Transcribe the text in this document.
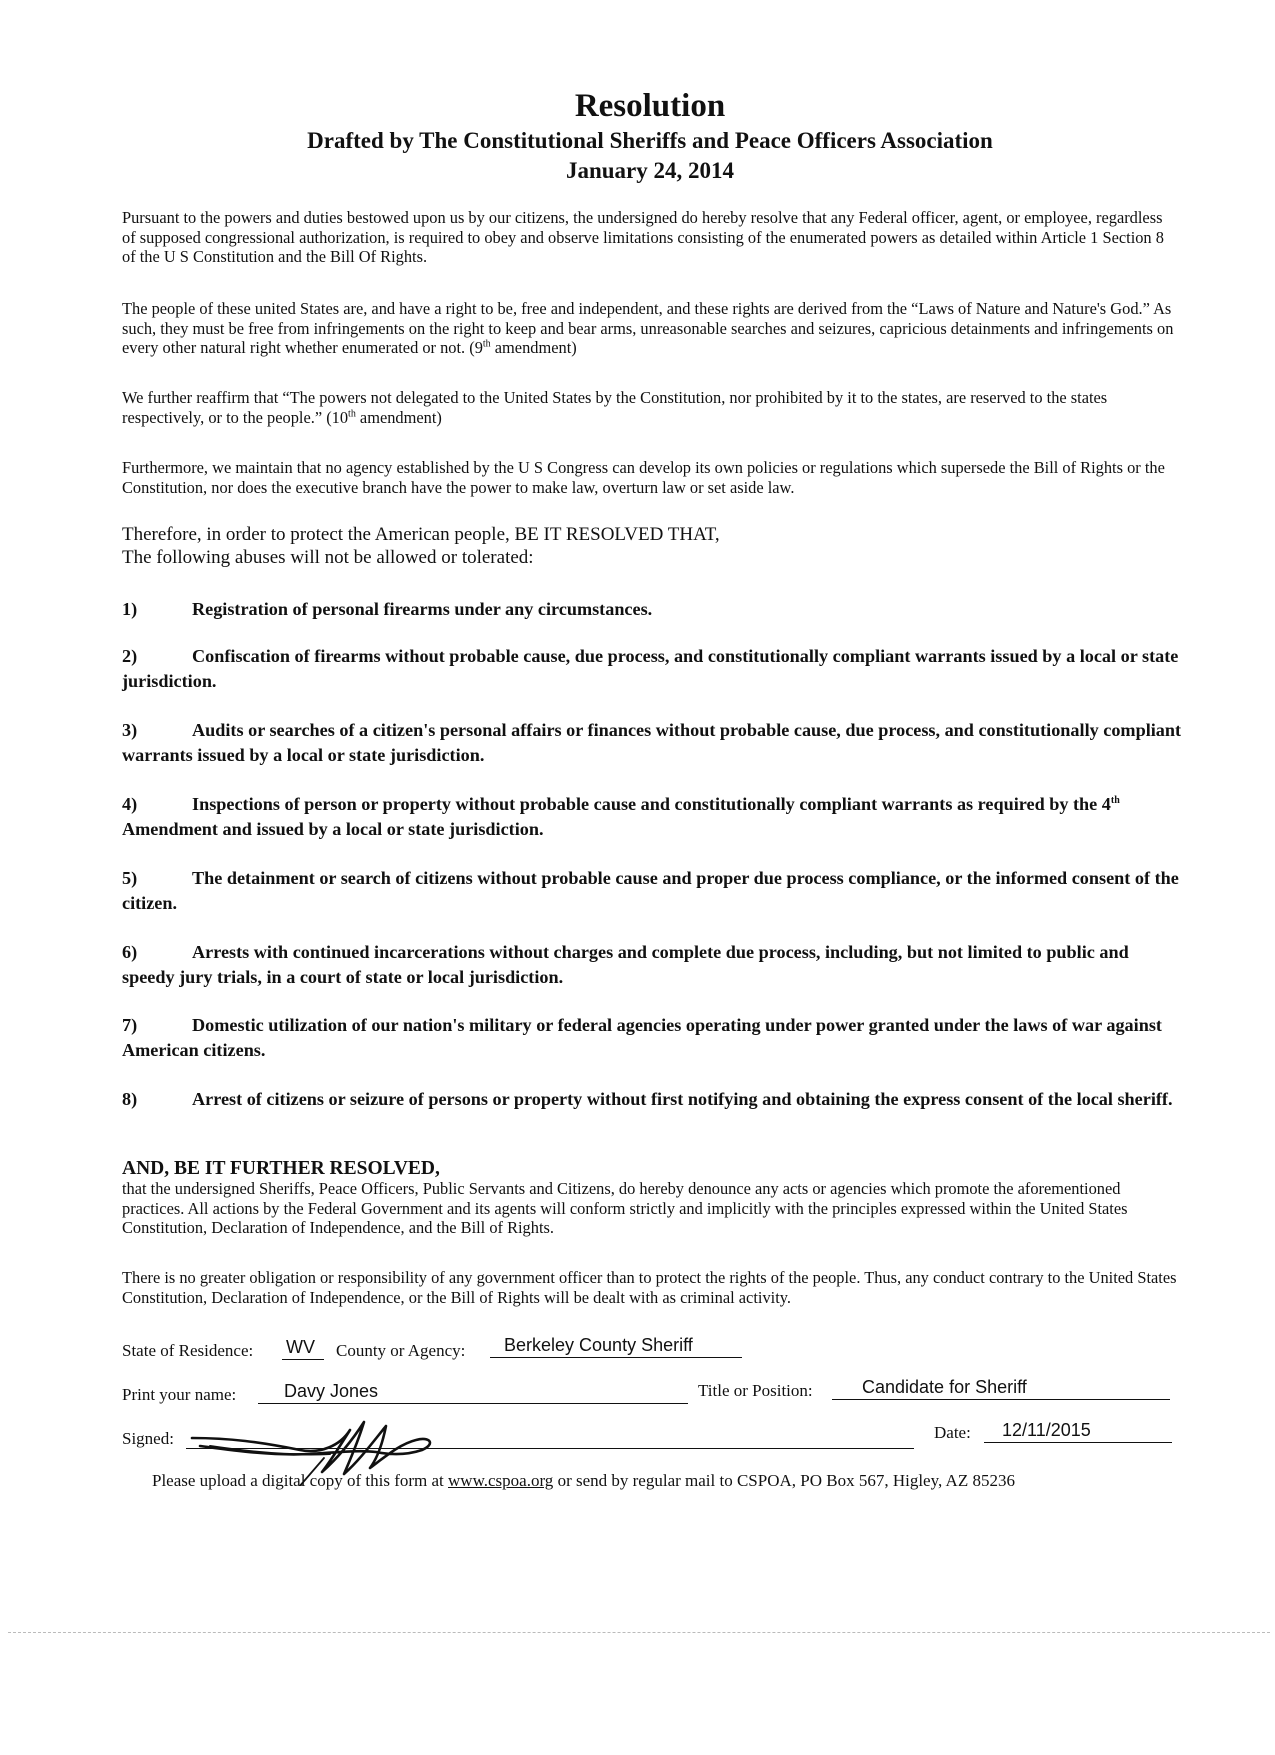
Resolution
Drafted by The Constitutional Sheriffs and Peace Officers Association
January 24, 2014

Pursuant to the powers and duties bestowed upon us by our citizens, the undersigned do hereby resolve that any Federal officer, agent, or employee, regardless of supposed congressional authorization, is required to obey and observe limitations consisting of the enumerated powers as detailed within Article 1 Section 8 of the U S Constitution and the Bill Of Rights.

The people of these united States are, and have a right to be, free and independent, and these rights are derived from the “Laws of Nature and Nature's God.” As such, they must be free from infringements on the right to keep and bear arms, unreasonable searches and seizures, capricious detainments and infringements on every other natural right whether enumerated or not. (9th amendment)

We further reaffirm that “The powers not delegated to the United States by the Constitution, nor prohibited by it to the states, are reserved to the states respectively, or to the people.” (10th amendment)

Furthermore, we maintain that no agency established by the U S Congress can develop its own policies or regulations which supersede the Bill of Rights or the Constitution, nor does the executive branch have the power to make law, overturn law or set aside law.

Therefore, in order to protect the American people, BE IT RESOLVED THAT,
The following abuses will not be allowed or tolerated:

1)	Registration of personal firearms under any circumstances.

2)	Confiscation of firearms without probable cause, due process, and constitutionally compliant warrants issued by a local or state jurisdiction.

3)	Audits or searches of a citizen's personal affairs or finances without probable cause, due process, and constitutionally compliant warrants issued by a local or state jurisdiction.

4)	Inspections of person or property without probable cause and constitutionally compliant warrants as required by the 4th Amendment and issued by a local or state jurisdiction.

5)	The detainment or search of citizens without probable cause and proper due process compliance, or the informed consent of the citizen.

6)	Arrests with continued incarcerations without charges and complete due process, including, but not limited to public and speedy jury trials, in a court of state or local jurisdiction.

7)	Domestic utilization of our nation's military or federal agencies operating under power granted under the laws of war against American citizens.

8)	Arrest of citizens or seizure of persons or property without first notifying and obtaining the express consent of the local sheriff.

AND, BE IT FURTHER RESOLVED,

that the undersigned Sheriffs, Peace Officers, Public Servants and Citizens, do hereby denounce any acts or agencies which promote the aforementioned practices. All actions by the Federal Government and its agents will conform strictly and implicitly with the principles expressed within the United States Constitution, Declaration of Independence, and the Bill of Rights.

There is no greater obligation or responsibility of any government officer than to protect the rights of the people. Thus, any conduct contrary to the United States Constitution, Declaration of Independence, or the Bill of Rights will be dealt with as criminal activity.

State of Residence: WV	County or Agency:	Berkeley County Sheriff
Print your name:	Davy Jones	Title or Position:	Candidate for Sheriff
Signed:	Date:	12/11/2015
Please upload a digital copy of this form at www.cspoa.org or send by regular mail to CSPOA, PO Box 567, Higley, AZ 85236
